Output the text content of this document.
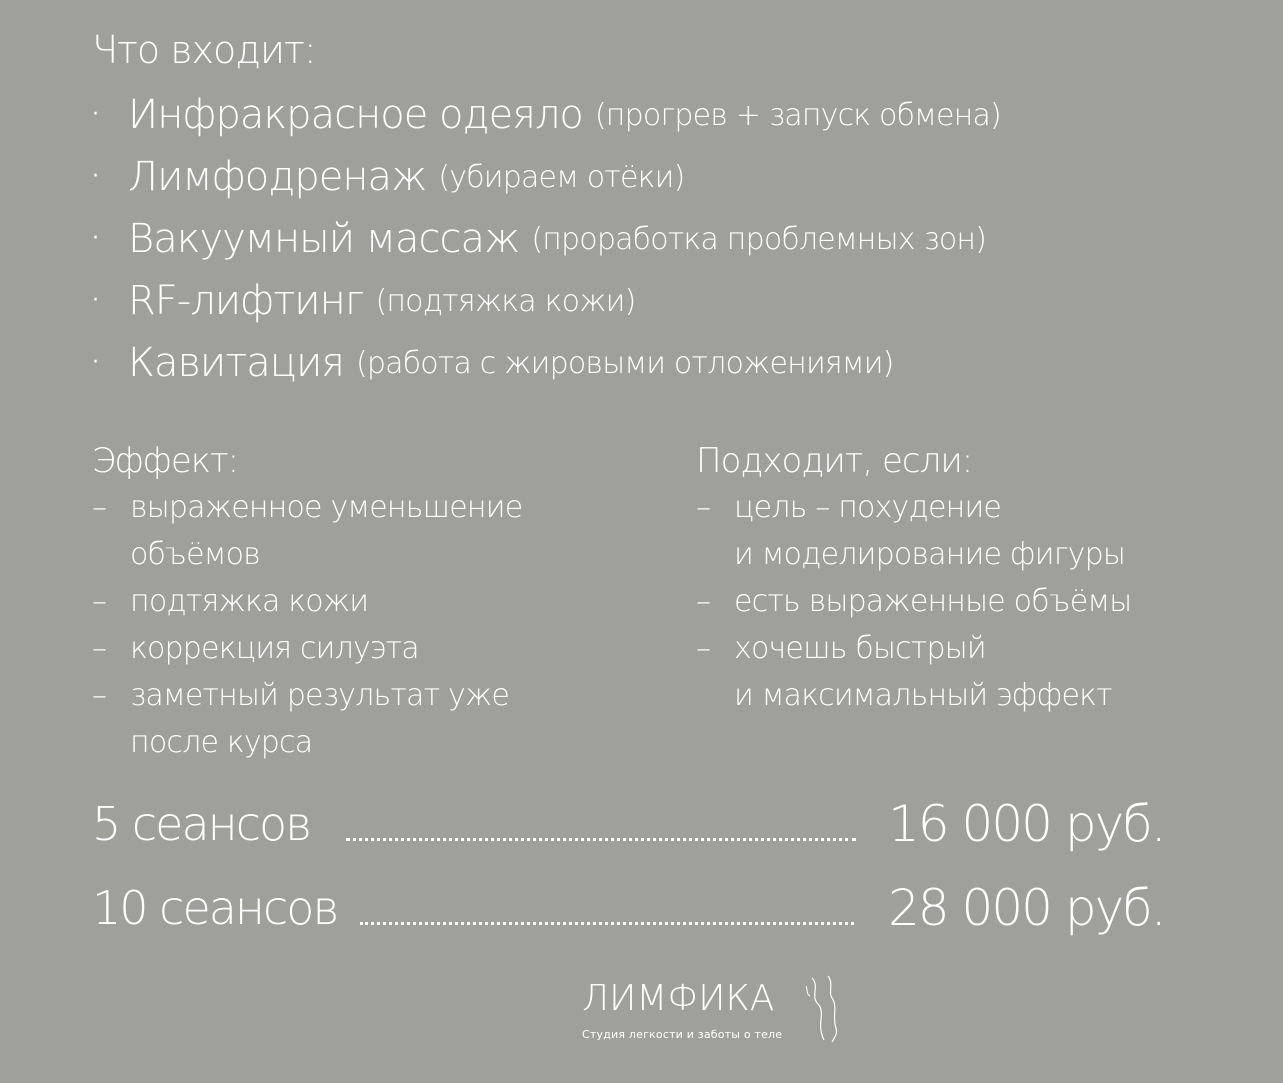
Что входит:
· Инфракрасное одеяло (прогрев + запуск обмена)
· Лимфодренаж (убираем отёки)
· Вакуумный массаж (проработка проблемных зон)
· RF-лифтинг (подтяжка кожи)
· Кавитация (работа с жировыми отложениями)
Эффект:
– выраженное уменьшение
объёмов
– подтяжка кожи
– коррекция силуэта
– заметный результат уже
после курса
Подходит, если:
– цель – похудение
и моделирование фигуры
– есть выраженные объёмы
– хочешь быстрый
и максимальный эффект
5 сеансов	16 000 руб.
10 сеансов	28 000 руб.
ЛИМФИКА
Студия легкости и заботы о теле
